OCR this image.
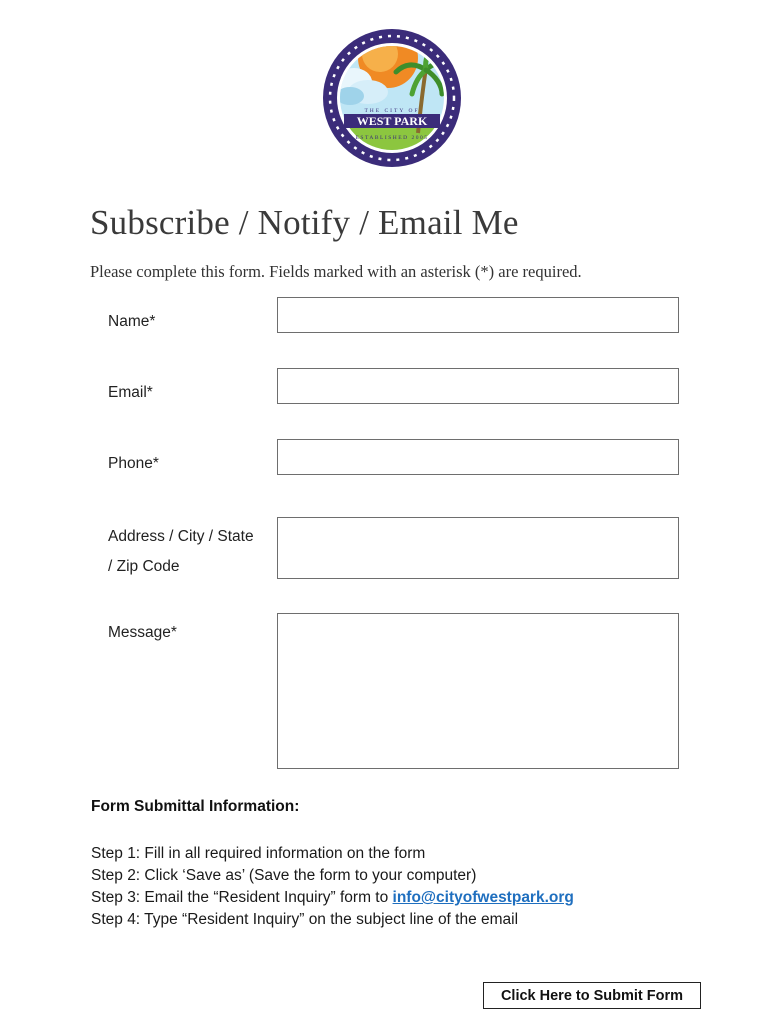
THE CITY OF
WEST PARK
ESTABLISHED 2005
Subscribe / Notify / Email Me

Please complete this form. Fields marked with an asterisk (*) are required.

Name*

Email*

Phone*

Address / City / State

/ Zip Code

Message*

Form Submittal Information:

Step 1: Fill in all required information on the form
Step 2: Click ‘Save as’ (Save the form to your computer)
Step 3: Email the “Resident Inquiry” form to info@cityofwestpark.org
Step 4: Type “Resident Inquiry” on the subject line of the email
Click Here to Submit Form
